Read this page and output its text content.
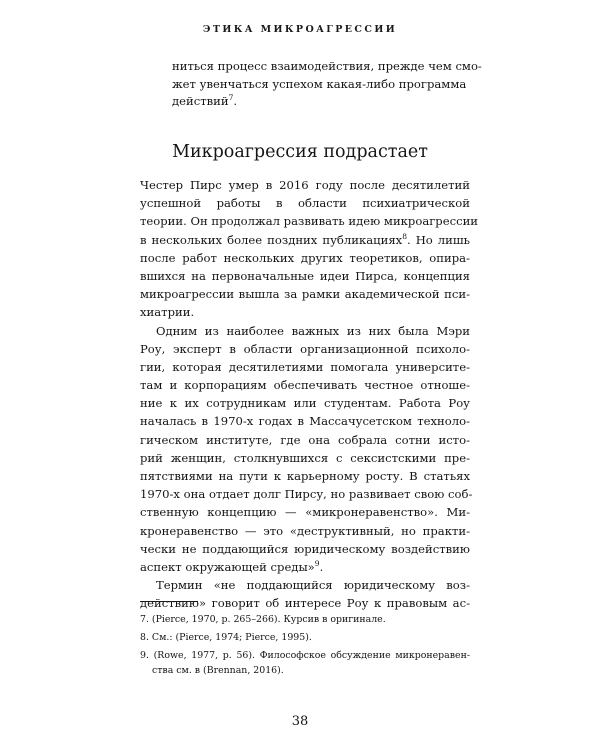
ЭТИКА МИКРОАГРЕССИИ
ниться процесс взаимодействия, прежде чем смо-
жет увенчаться успехом какая-либо программа
действий$^7$.
Микроагрессия подрастает
Честер Пирс умер в 2016 году после десятилетий
успешной работы в области психиатрической
теории. Он продолжал развивать идею микроагрессии
в нескольких более поздних публикациях$^8$. Но лишь
после работ нескольких других теоретиков, опира-
вшихся на первоначальные идеи Пирса, концепция
микроагрессии вышла за рамки академической пси-
хиатрии.
Одним из наиболее важных из них была Мэри
Роу, эксперт в области организационной психоло-
гии, которая десятилетиями помогала университе-
там и корпорациям обеспечивать честное отноше-
ние к их сотрудникам или студентам. Работа Роу
началась в 1970-х годах в Массачусетском техноло-
гическом институте, где она собрала сотни исто-
рий женщин, столкнувшихся с сексистскими пре-
пятствиями на пути к карьерному росту. В статьях
1970-х она отдает долг Пирсу, но развивает свою соб-
ственную концепцию — «микронеравенство». Ми-
кронеравенство — это «деструктивный, но практи-
чески не поддающийся юридическому воздействию
аспект окружающей среды»$^9$.
Термин «не поддающийся юридическому воз-
действию» говорит об интересе Роу к правовым ас-
7. (Pierce, 1970, p. 265–266). Курсив в оригинале.
8. См.: (Pierce, 1974; Pierce, 1995).
9. (Rowe, 1977, p. 56). Философское обсуждение микронеравен-
ства см. в (Brennan, 2016).
38
